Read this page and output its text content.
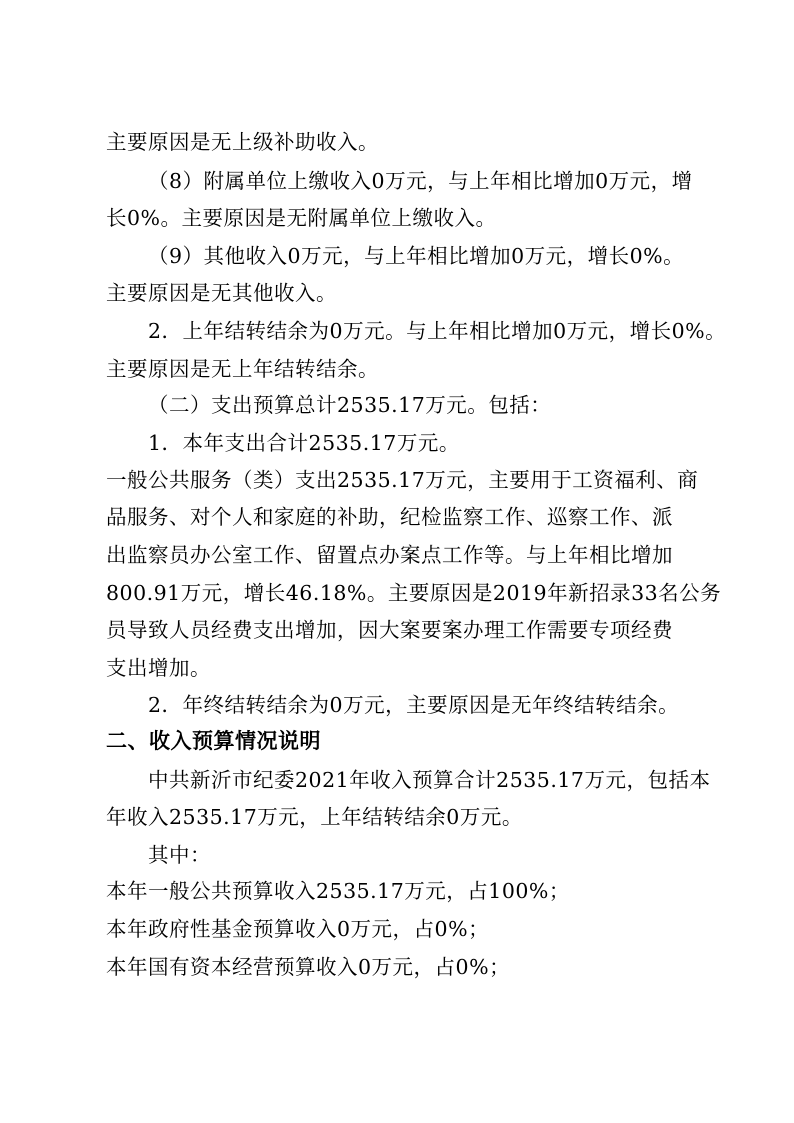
主要原因是无上级补助收入。
（8）附属单位上缴收入0万元，与上年相比增加0万元，增
长0%。主要原因是无附属单位上缴收入。
（9）其他收入0万元，与上年相比增加0万元，增长0%。
主要原因是无其他收入。
2．上年结转结余为0万元。与上年相比增加0万元，增长0%。
主要原因是无上年结转结余。
（二）支出预算总计2535.17万元。包括：
1．本年支出合计2535.17万元。
一般公共服务（类）支出2535.17万元，主要用于工资福利、商
品服务、对个人和家庭的补助，纪检监察工作、巡察工作、派
出监察员办公室工作、留置点办案点工作等。与上年相比增加
800.91万元，增长46.18%。主要原因是2019年新招录33名公务
员导致人员经费支出增加，因大案要案办理工作需要专项经费
支出增加。
2．年终结转结余为0万元，主要原因是无年终结转结余。
二、收入预算情况说明
中共新沂市纪委2021年收入预算合计2535.17万元，包括本
年收入2535.17万元，上年结转结余0万元。
其中：
本年一般公共预算收入2535.17万元，占100%；
本年政府性基金预算收入0万元，占0%；
本年国有资本经营预算收入0万元，占0%；
